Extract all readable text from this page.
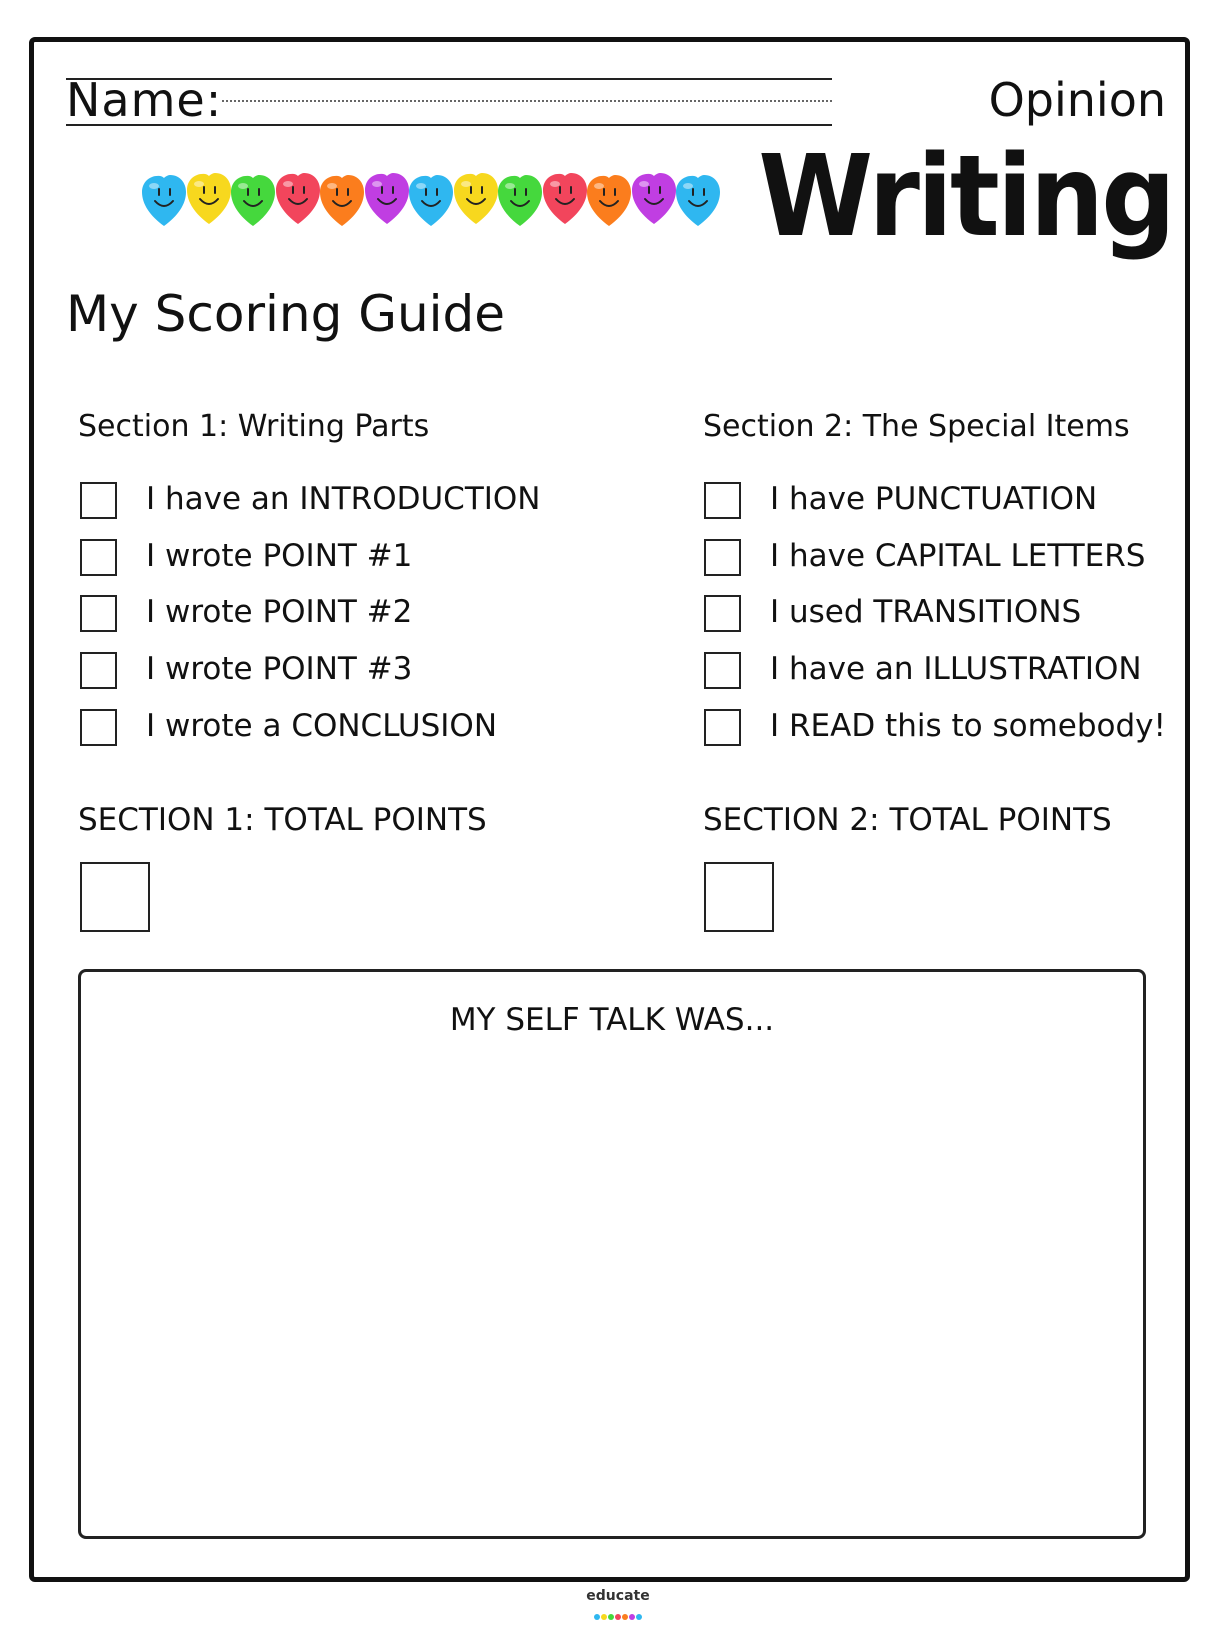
Name:	Opinion
Writing
My Scoring Guide
Section 1: Writing Parts
I have an INTRODUCTION
I wrote POINT #1
I wrote POINT #2
I wrote POINT #3
I wrote a CONCLUSION
SECTION 1: TOTAL POINTS
Section 2: The Special Items
I have PUNCTUATION
I have CAPITAL LETTERS
I used TRANSITIONS
I have an ILLUSTRATION
I READ this to somebody!
SECTION 2: TOTAL POINTS
MY SELF TALK WAS...
educate
